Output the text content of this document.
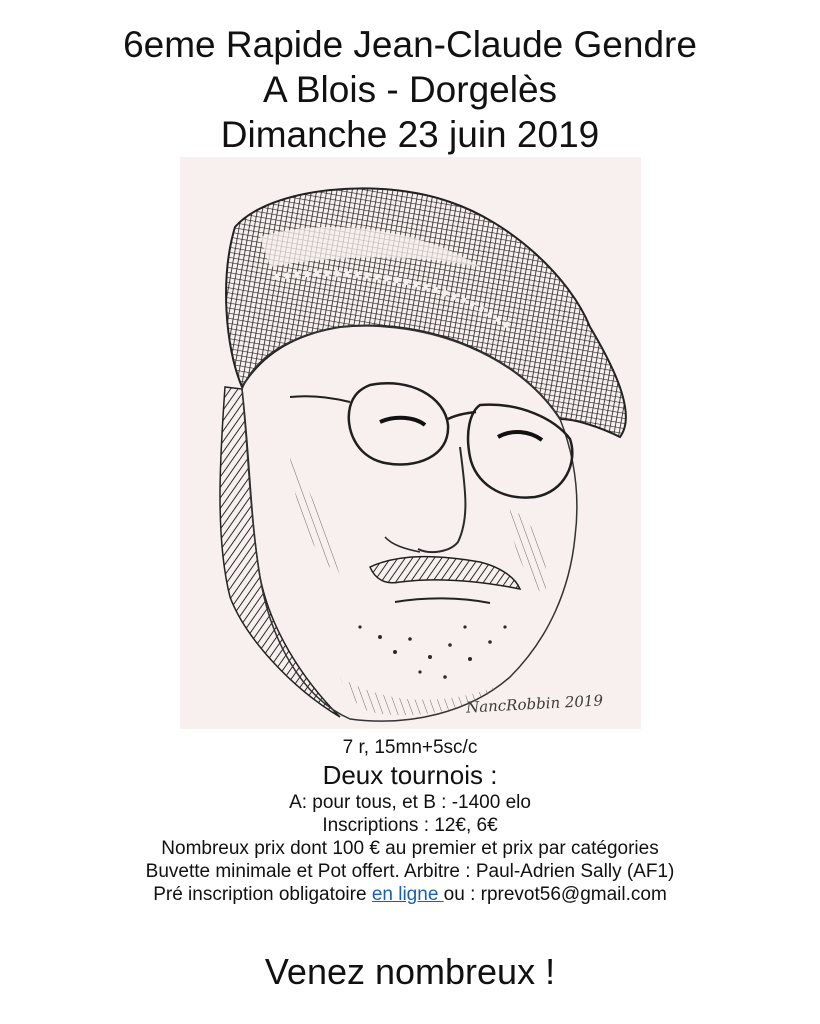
6eme Rapide Jean-Claude Gendre
A Blois - Dorgelès
Dimanche 23 juin 2019
NancRobbin 2019

7 r, 15mn+5sc/c

Deux tournois :

A: pour tous, et B : -1400 elo

Inscriptions : 12€, 6€

Nombreux prix dont 100 € au premier et prix par catégories

Buvette minimale et Pot offert. Arbitre : Paul-Adrien Sally (AF1)

Pré inscription obligatoire en ligne ou : rprevot56@gmail.com

Venez nombreux !
